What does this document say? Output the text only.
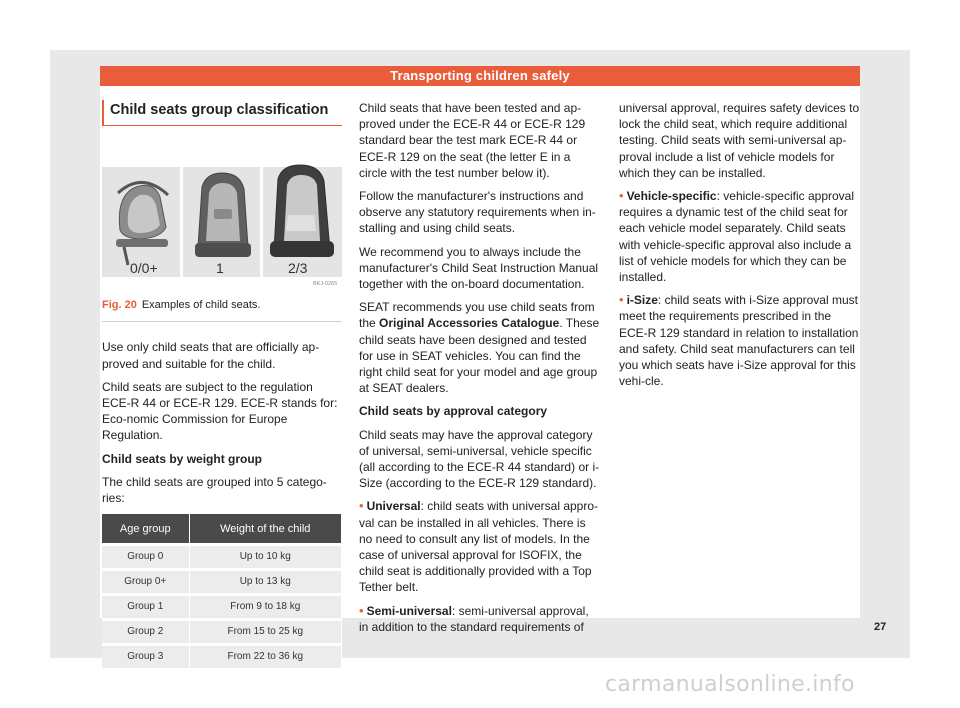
Transporting children safely
Child seats group classification
0/0+	1	2/3
BKJ-0265
Fig. 20 Examples of child seats.

Use only child seats that are officially ap-proved and suitable for the child.

Child seats are subject to the regulation ECE-R 44 or ECE-R 129. ECE-R stands for: Eco-nomic Commission for Europe Regulation.

Child seats by weight group

The child seats are grouped into 5 catego-ries:

Age group	Weight of the child
Group 0	Up to 10 kg
Group 0+	Up to 13 kg
Group 1	From 9 to 18 kg
Group 2	From 15 to 25 kg
Group 3	From 22 to 36 kg

Child seats that have been tested and ap-proved under the ECE-R 44 or ECE-R 129 standard bear the test mark ECE-R 44 or ECE-R 129 on the seat (the letter E in a circle with the test number below it).

Follow the manufacturer's instructions and observe any statutory requirements when in-stalling and using child seats.

We recommend you to always include the manufacturer's Child Seat Instruction Manual together with the on-board documentation.

SEAT recommends you use child seats from the Original Accessories Catalogue. These child seats have been designed and tested for use in SEAT vehicles. You can find the right child seat for your model and age group at SEAT dealers.

Child seats by approval category

Child seats may have the approval category of universal, semi-universal, vehicle specific (all according to the ECE-R 44 standard) or i-Size (according to the ECE-R 129 standard).

• Universal: child seats with universal appro-val can be installed in all vehicles. There is no need to consult any list of models. In the case of universal approval for ISOFIX, the child seat is additionally provided with a Top Tether belt.

• Semi-universal: semi-universal approval, in addition to the standard requirements of

universal approval, requires safety devices to lock the child seat, which require additional testing. Child seats with semi-universal ap-proval include a list of vehicle models for which they can be installed.

• Vehicle-specific: vehicle-specific approval requires a dynamic test of the child seat for each vehicle model separately. Child seats with vehicle-specific approval also include a list of vehicle models for which they can be installed.

• i-Size: child seats with i-Size approval must meet the requirements prescribed in the ECE-R 129 standard in relation to installation and safety. Child seat manufacturers can tell you which seats have i-Size approval for this vehi-cle.

27
carmanualsonline.info
